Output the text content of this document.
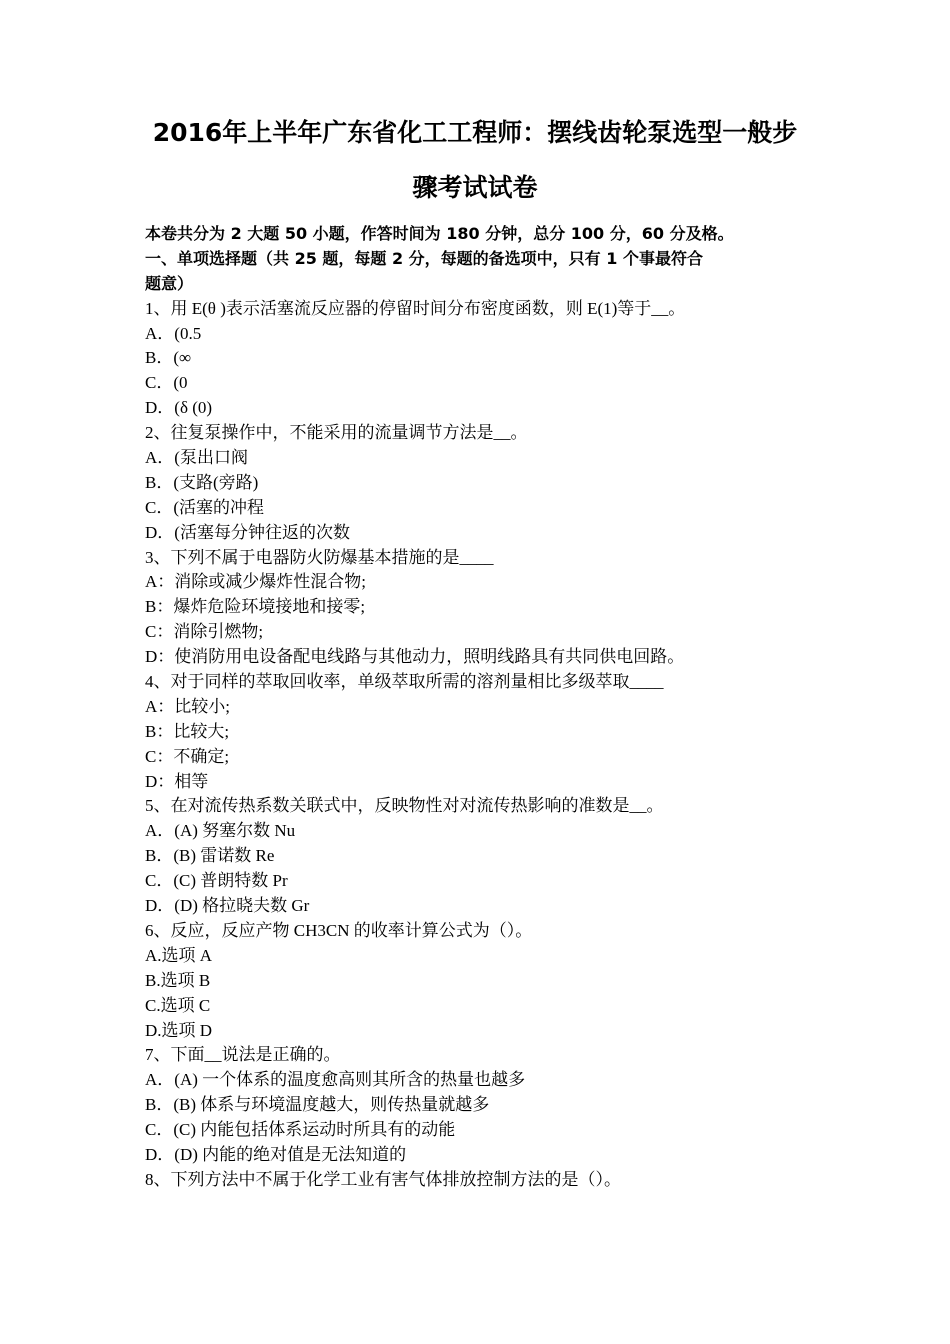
2016年上半年广东省化工工程师：摆线齿轮泵选型一般步
骤考试试卷
本卷共分为 2 大题 50 小题，作答时间为 180 分钟，总分 100 分，60 分及格。
一、单项选择题（共 25 题，每题 2 分，每题的备选项中，只有 1 个事最符合
题意）
1、用 E(θ )表示活塞流反应器的停留时间分布密度函数，则 E(1)等于__。
A．(0.5
B．(∞
C．(0
D．(δ (0)
2、往复泵操作中，不能采用的流量调节方法是__。
A．(泵出口阀
B．(支路(旁路)
C．(活塞的冲程
D．(活塞每分钟往返的次数
3、下列不属于电器防火防爆基本措施的是____
A：消除或减少爆炸性混合物;
B：爆炸危险环境接地和接零;
C：消除引燃物;
D：使消防用电设备配电线路与其他动力，照明线路具有共同供电回路。
4、对于同样的萃取回收率，单级萃取所需的溶剂量相比多级萃取____
A：比较小;
B：比较大;
C：不确定;
D：相等
5、在对流传热系数关联式中，反映物性对对流传热影响的准数是__。
A．(A) 努塞尔数 Nu
B．(B) 雷诺数 Re
C．(C) 普朗特数 Pr
D．(D) 格拉晓夫数 Gr
6、反应，反应产物 CH3CN 的收率计算公式为（）。
A.选项 A
B.选项 B
C.选项 C
D.选项 D
7、下面__说法是正确的。
A．(A) 一个体系的温度愈高则其所含的热量也越多
B．(B) 体系与环境温度越大，则传热量就越多
C．(C) 内能包括体系运动时所具有的动能
D．(D) 内能的绝对值是无法知道的
8、下列方法中不属于化学工业有害气体排放控制方法的是（）。
